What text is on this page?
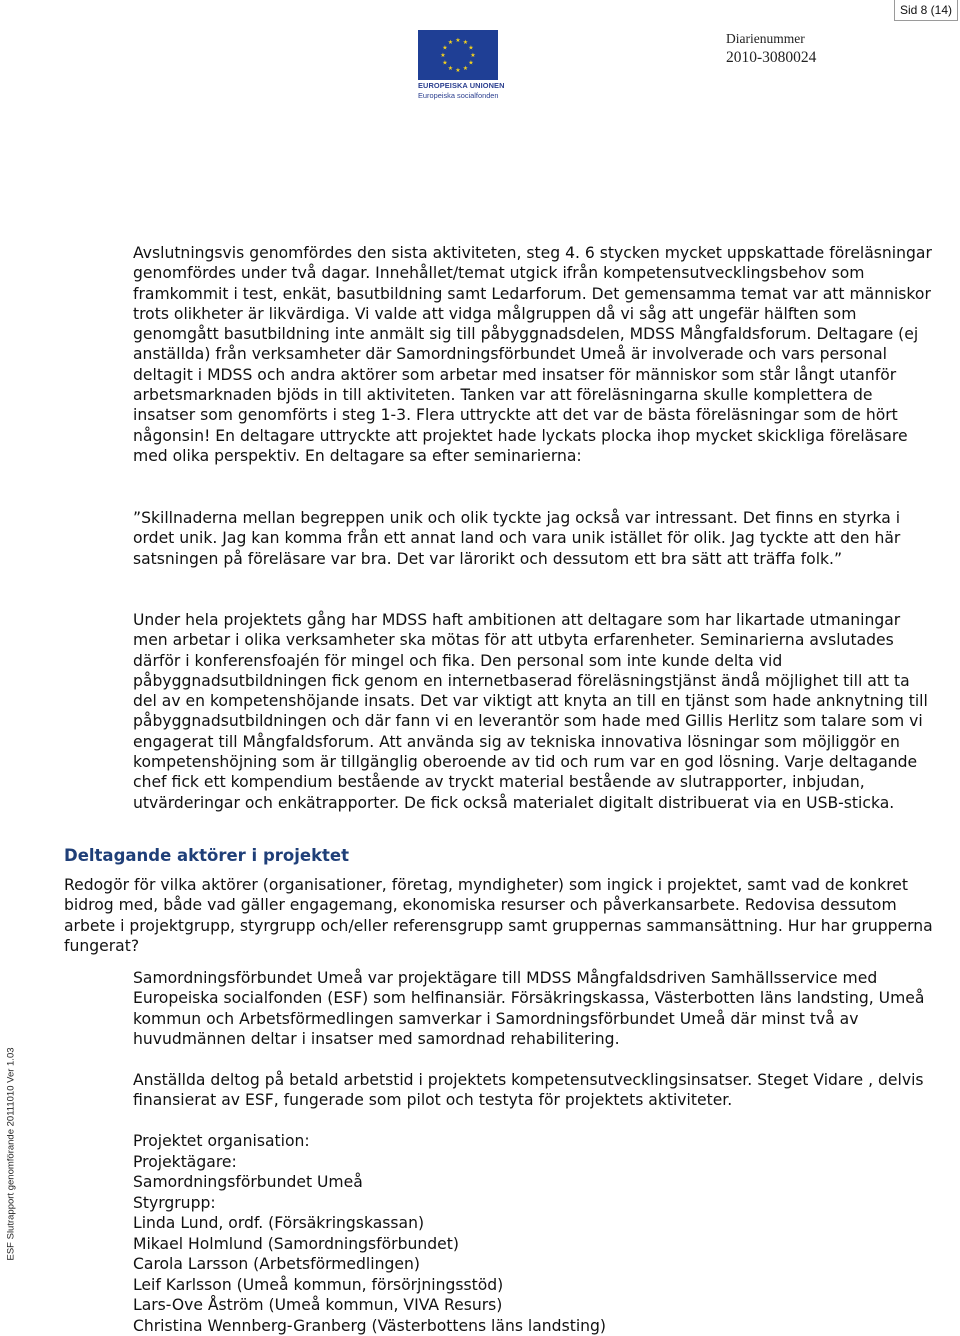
Sid 8 (14)
★ ★
★
★
★
★
★
★
★
★
★
★
EUROPEISKA UNIONEN
Europeiska socialfonden
Diarienummer
2010-3080024
ESF Slutrapport genomförande 20111010 Ver 1.03

Avslutningsvis genomfördes den sista aktiviteten, steg 4. 6 stycken mycket uppskattade föreläsningar genomfördes under två dagar. Innehållet/temat utgick ifrån kompetensutvecklingsbehov som framkommit i test, enkät, basutbildning samt Ledarforum. Det gemensamma temat var att människor trots olikheter är likvärdiga. Vi valde att vidga målgruppen då vi såg att ungefär hälften som genomgått basutbildning inte anmält sig till påbyggnadsdelen, MDSS Mångfaldsforum. Deltagare (ej anställda) från verksamheter där Samordningsförbundet Umeå är involverade och vars personal deltagit i MDSS och andra aktörer som arbetar med insatser för människor som står långt utanför arbetsmarknaden bjöds in till aktiviteten. Tanken var att föreläsningarna skulle komplettera de insatser som genomförts i steg 1-3. Flera uttryckte att det var de bästa föreläsningar som de hört någonsin! En deltagare uttryckte att projektet hade lyckats plocka ihop mycket skickliga föreläsare med olika perspektiv. En deltagare sa efter seminarierna:

”Skillnaderna mellan begreppen unik och olik tyckte jag också var intressant. Det finns en styrka i ordet unik. Jag kan komma från ett annat land och vara unik istället för olik. Jag tyckte att den här satsningen på föreläsare var bra. Det var lärorikt och dessutom ett bra sätt att träffa folk.”

Under hela projektets gång har MDSS haft ambitionen att deltagare som har likartade utmaningar men arbetar i olika verksamheter ska mötas för att utbyta erfarenheter. Seminarierna avslutades därför i konferensfoajén för mingel och fika. Den personal som inte kunde delta vid påbyggnadsutbildningen fick genom en internetbaserad föreläsningstjänst ändå möjlighet till att ta del av en kompetenshöjande insats. Det var viktigt att knyta an till en tjänst som hade anknytning till påbyggnadsutbildningen och där fann vi en leverantör som hade med Gillis Herlitz som talare som vi engagerat till Mångfaldsforum. Att använda sig av tekniska innovativa lösningar som möjliggör en kompetenshöjning som är tillgänglig oberoende av tid och rum var en god lösning. Varje deltagande chef fick ett kompendium bestående av tryckt material bestående av slutrapporter, inbjudan, utvärderingar och enkätrapporter. De fick också materialet digitalt distribuerat via en USB-sticka.

Deltagande aktörer i projektet

Redogör för vilka aktörer (organisationer, företag, myndigheter) som ingick i projektet, samt vad de konkret bidrog med, både vad gäller engagemang, ekonomiska resurser och påverkansarbete. Redovisa dessutom arbete i projektgrupp, styrgrupp och/eller referensgrupp samt gruppernas sammansättning. Hur har grupperna fungerat?

Samordningsförbundet Umeå var projektägare till MDSS Mångfaldsdriven Samhällsservice med Europeiska socialfonden (ESF) som helfinansiär. Försäkringskassa, Västerbotten läns landsting, Umeå kommun och Arbetsförmedlingen samverkar i Samordningsförbundet Umeå där minst två av huvudmännen deltar i insatser med samordnad rehabilitering.

Anställda deltog på betald arbetstid i projektets kompetensutvecklingsinsatser. Steget Vidare , delvis finansierat av ESF, fungerade som pilot och testyta för projektets aktiviteter.

Projektet organisation:
Projektägare:
Samordningsförbundet Umeå
Styrgrupp:
Linda Lund, ordf. (Försäkringskassan)
Mikael Holmlund (Samordningsförbundet)
Carola Larsson (Arbetsförmedlingen)
Leif Karlsson (Umeå kommun, försörjningsstöd)
Lars-Ove Åström (Umeå kommun, VIVA Resurs)
Christina Wennberg-Granberg (Västerbottens läns landsting)
